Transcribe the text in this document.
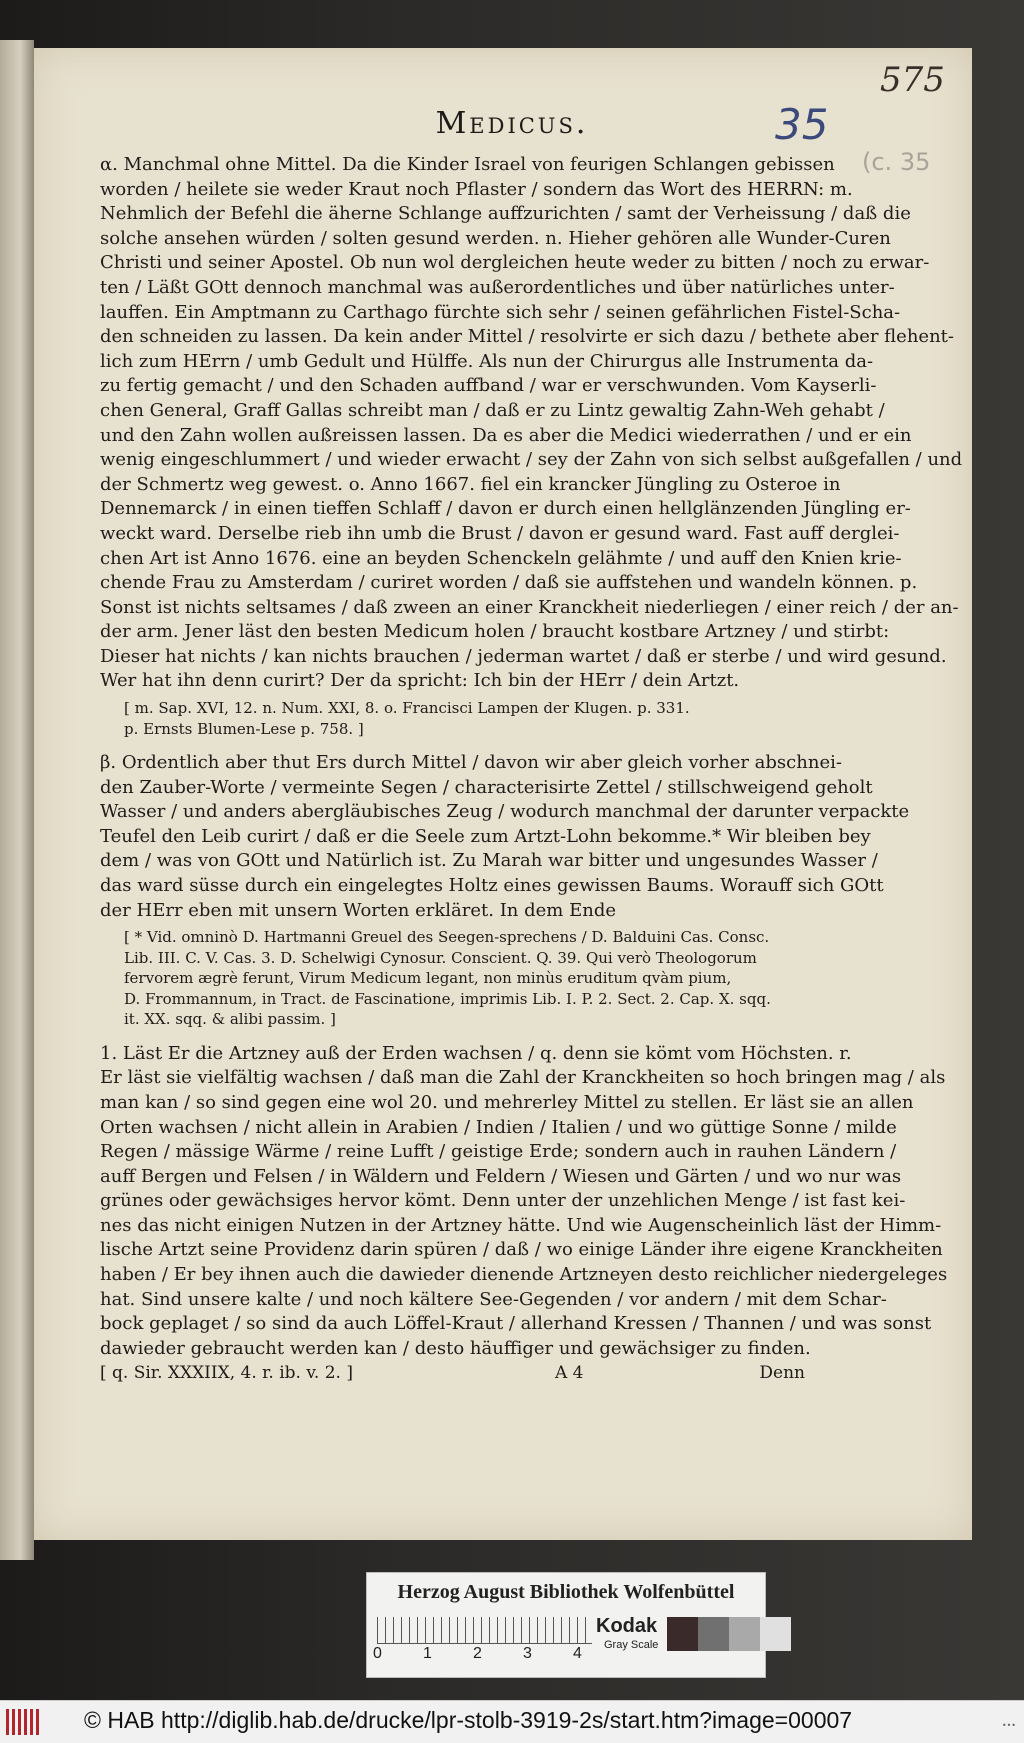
575
35
(c. 35
Medicus.
α. Manchmal ohne Mittel. Da die Kinder Israel von feurigen Schlangen gebissen
worden / heilete sie weder Kraut noch Pflaster / sondern das Wort des HERRN: m.
Nehmlich der Befehl die äherne Schlange auffzurichten / samt der Verheissung / daß die
solche ansehen würden / solten gesund werden. n. Hieher gehören alle Wunder-Curen
Christi und seiner Apostel. Ob nun wol dergleichen heute weder zu bitten / noch zu erwar-
ten / Läßt GOtt dennoch manchmal was außerordentliches und über natürliches unter-
lauffen. Ein Amptmann zu Carthago fürchte sich sehr / seinen gefährlichen Fistel-Scha-
den schneiden zu lassen. Da kein ander Mittel / resolvirte er sich dazu / bethete aber flehent-
lich zum HErrn / umb Gedult und Hülffe. Als nun der Chirurgus alle Instrumenta da-
zu fertig gemacht / und den Schaden auffband / war er verschwunden. Vom Kayserli-
chen General, Graff Gallas schreibt man / daß er zu Lintz gewaltig Zahn-Weh gehabt /
und den Zahn wollen außreissen lassen. Da es aber die Medici wiederrathen / und er ein
wenig eingeschlummert / und wieder erwacht / sey der Zahn von sich selbst außgefallen / und
der Schmertz weg gewest. o. Anno 1667. fiel ein krancker Jüngling zu Osteroe in
Dennemarck / in einen tieffen Schlaff / davon er durch einen hellglänzenden Jüngling er-
weckt ward. Derselbe rieb ihn umb die Brust / davon er gesund ward. Fast auff derglei-
chen Art ist Anno 1676. eine an beyden Schenckeln gelähmte / und auff den Knien krie-
chende Frau zu Amsterdam / curiret worden / daß sie auffstehen und wandeln können. p.
Sonst ist nichts seltsames / daß zween an einer Kranckheit niederliegen / einer reich / der an-
der arm. Jener läst den besten Medicum holen / braucht kostbare Artzney / und stirbt:
Dieser hat nichts / kan nichts brauchen / jederman wartet / daß er sterbe / und wird gesund.
Wer hat ihn denn curirt? Der da spricht: Ich bin der HErr / dein Artzt.
[ m. Sap. XVI, 12. n. Num. XXI, 8. o. Francisci Lampen der Klugen. p. 331.
p. Ernsts Blumen-Lese p. 758. ]
β. Ordentlich aber thut Ers durch Mittel / davon wir aber gleich vorher abschnei-
den Zauber-Worte / vermeinte Segen / characterisirte Zettel / stillschweigend geholt
Wasser / und anders abergläubisches Zeug / wodurch manchmal der darunter verpackte
Teufel den Leib curirt / daß er die Seele zum Artzt-Lohn bekomme.* Wir bleiben bey
dem / was von GOtt und Natürlich ist. Zu Marah war bitter und ungesundes Wasser /
das ward süsse durch ein eingelegtes Holtz eines gewissen Baums. Worauff sich GOtt
der HErr eben mit unsern Worten erkläret. In dem Ende
[ * Vid. omninò D. Hartmanni Greuel des Seegen-sprechens / D. Balduini Cas. Consc.
Lib. III. C. V. Cas. 3. D. Schelwigi Cynosur. Conscient. Q. 39. Qui verò Theologorum
fervorem ægrè ferunt, Virum Medicum legant, non minùs eruditum qvàm pium,
D. Frommannum, in Tract. de Fascinatione, imprimis Lib. I. P. 2. Sect. 2. Cap. X. sqq.
it. XX. sqq. & alibi passim. ]
1. Läst Er die Artzney auß der Erden wachsen / q. denn sie kömt vom Höchsten. r.
Er läst sie vielfältig wachsen / daß man die Zahl der Kranckheiten so hoch bringen mag / als
man kan / so sind gegen eine wol 20. und mehrerley Mittel zu stellen. Er läst sie an allen
Orten wachsen / nicht allein in Arabien / Indien / Italien / und wo güttige Sonne / milde
Regen / mässige Wärme / reine Lufft / geistige Erde; sondern auch in rauhen Ländern /
auff Bergen und Felsen / in Wäldern und Feldern / Wiesen und Gärten / und wo nur was
grünes oder gewächsiges hervor kömt. Denn unter der unzehlichen Menge / ist fast kei-
nes das nicht einigen Nutzen in der Artzney hätte. Und wie Augenscheinlich läst der Himm-
lische Artzt seine Providenz darin spüren / daß / wo einige Länder ihre eigene Kranckheiten
haben / Er bey ihnen auch die dawieder dienende Artzneyen desto reichlicher niedergeleges
hat. Sind unsere kalte / und noch kältere See-Gegenden / vor andern / mit dem Schar-
bock geplaget / so sind da auch Löffel-Kraut / allerhand Kressen / Thannen / und was sonst
dawieder gebraucht werden kan / desto häuffiger und gewächsiger zu finden.
[ q. Sir. XXXIIX, 4. r. ib. v. 2. ]	A 4	Denn
Herzog August Bibliothek Wolfenbüttel
0	1	2	3	4
Kodak
Gray Scale
© HAB http://diglib.hab.de/drucke/lpr-stolb-3919-2s/start.htm?image=00007	•••
